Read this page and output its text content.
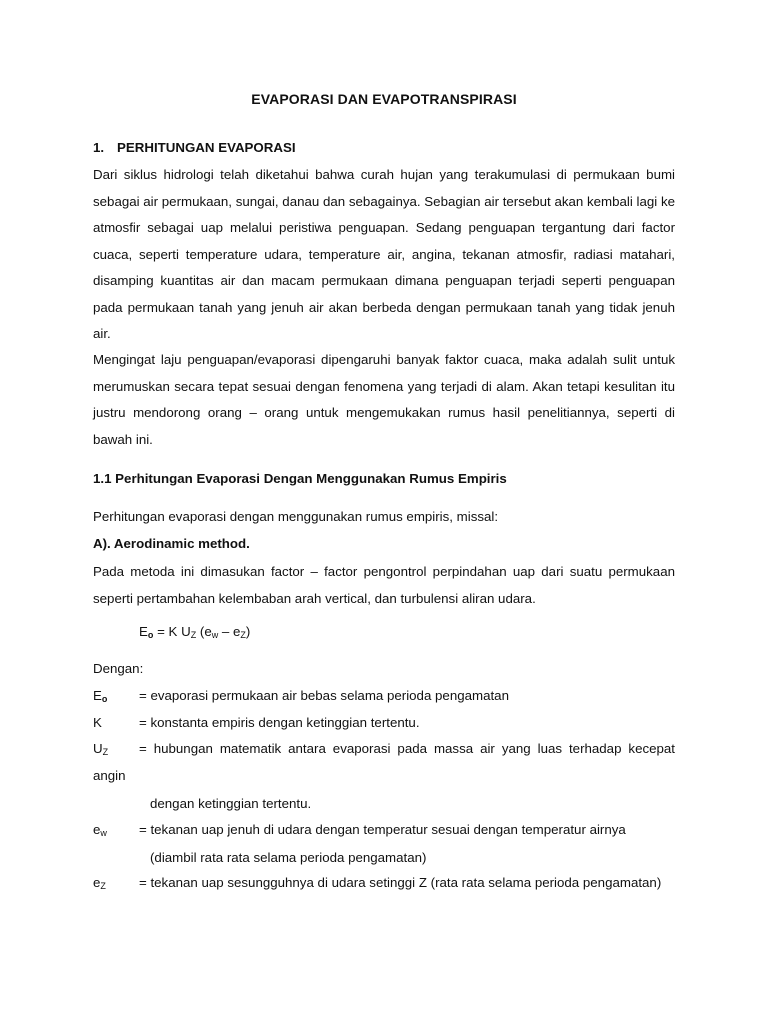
EVAPORASI DAN EVAPOTRANSPIRASI
1. PERHITUNGAN EVAPORASI

Dari siklus hidrologi telah diketahui bahwa curah hujan yang terakumulasi di permukaan bumi sebagai air permukaan, sungai, danau dan sebagainya. Sebagian air tersebut akan kembali lagi ke atmosfir sebagai uap melalui peristiwa penguapan. Sedang penguapan tergantung dari factor cuaca, seperti temperature udara, temperature air, angina, tekanan atmosfir, radiasi matahari, disamping kuantitas air dan macam permukaan dimana penguapan terjadi seperti penguapan pada permukaan tanah yang jenuh air akan berbeda dengan permukaan tanah yang tidak jenuh air.

Mengingat laju penguapan/evaporasi dipengaruhi banyak faktor cuaca, maka adalah sulit untuk merumuskan secara tepat sesuai dengan fenomena yang terjadi di alam. Akan tetapi kesulitan itu justru mendorong orang – orang untuk mengemukakan rumus hasil penelitiannya, seperti di bawah ini.

1.1 Perhitungan Evaporasi Dengan Menggunakan Rumus Empiris
Perhitungan evaporasi dengan menggunakan rumus empiris, missal:
A). Aerodinamic method.

Pada metoda ini dimasukan factor – factor pengontrol perpindahan uap dari suatu permukaan seperti pertambahan kelembaban arah vertical, dan turbulensi aliran udara.

$E_o = K$ $U_Z$ $(e_w - e_Z)$
Dengan:
$E_o$ = evaporasi permukaan air bebas selama perioda pengamatan
K	= konstanta empiris dengan ketinggian tertentu.
$U_Z$ = hubungan matematik antara evaporasi pada massa air yang luas terhadap kecepat angin
dengan ketinggian tertentu.
$e_w$ = tekanan uap jenuh di udara dengan temperatur sesuai dengan temperatur airnya
(diambil rata rata selama perioda pengamatan)
$e_Z$ = tekanan uap sesungguhnya di udara setinggi Z (rata rata selama perioda pengamatan)
